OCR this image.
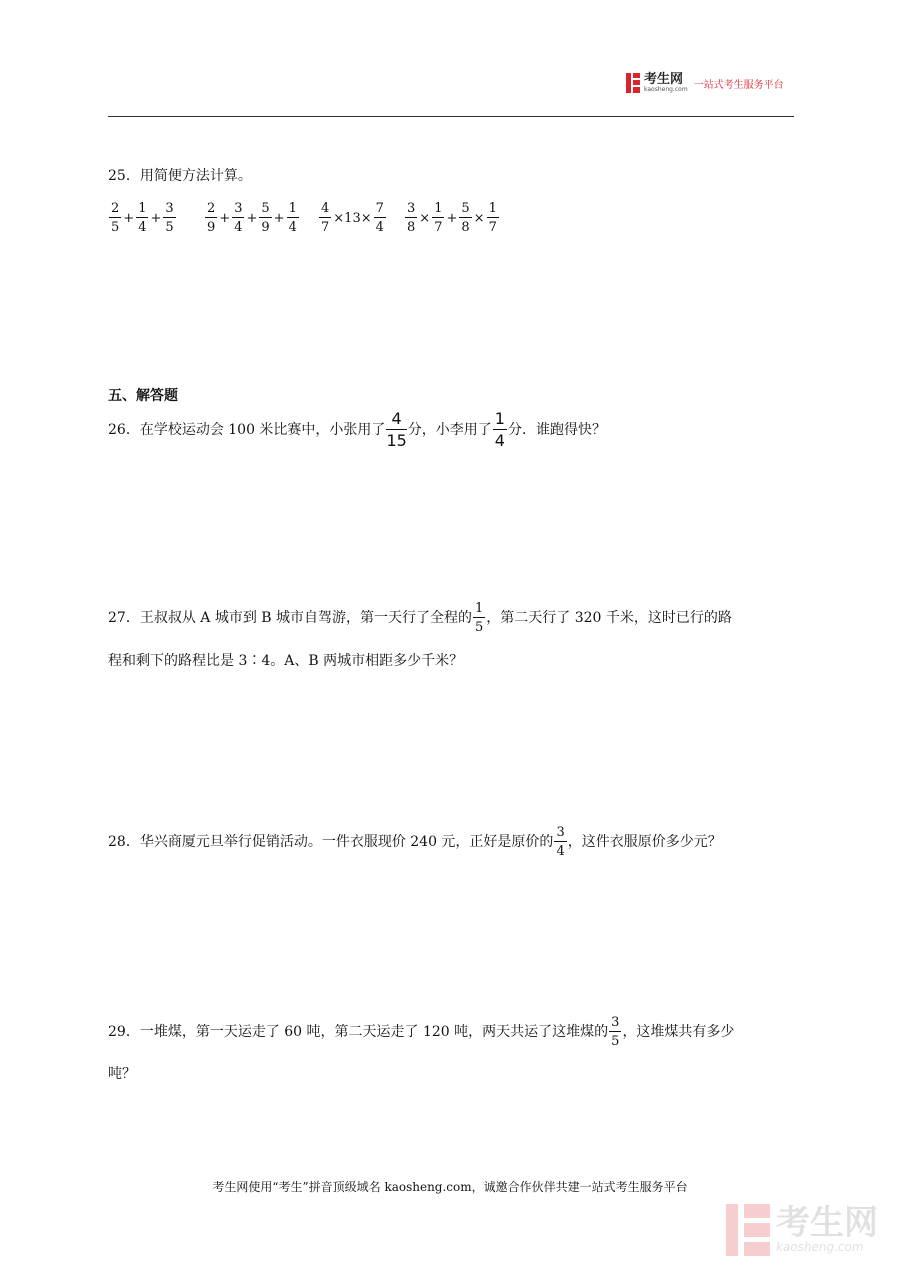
考生网
kaosheng.com 一站式考生服务平台
25．用简便方法计算。
$\frac{2}{5} + \frac{1}{4} + \frac{3}{5} \frac{2}{9} + \frac{3}{4} + \frac{5}{9} + \frac{1}{4} \frac{4}{7} \times 13\times \frac{7}{4} \frac{3}{8} \times \frac{1}{7} + \frac{5}{8} \times \frac{1}{7}$
五、解答题
26．在学校运动会 100 米比赛中，小张用了 $\frac{4}{15}$ 分，小李用了 $\frac{1}{4}$ 分．谁跑得快？
27．王叔叔从 A 城市到 B 城市自驾游，第一天行了全程的 $\frac{1}{5}$ ，第二天行了 320 千米，这时已行的路
程和剩下的路程比是 3∶4。A、B 两城市相距多少千米？
28．华兴商厦元旦举行促销活动。一件衣服现价 240 元，正好是原价的 $\frac{3}{4}$ ，这件衣服原价多少元？
29．一堆煤，第一天运走了 60 吨，第二天运走了 120 吨，两天共运了这堆煤的 $\frac{3}{5}$ ，这堆煤共有多少
吨？
考生网使用“考生”拼音顶级域名 kaosheng.com，诚邀合作伙伴共建一站式考生服务平台
考生网
kaosheng.com
